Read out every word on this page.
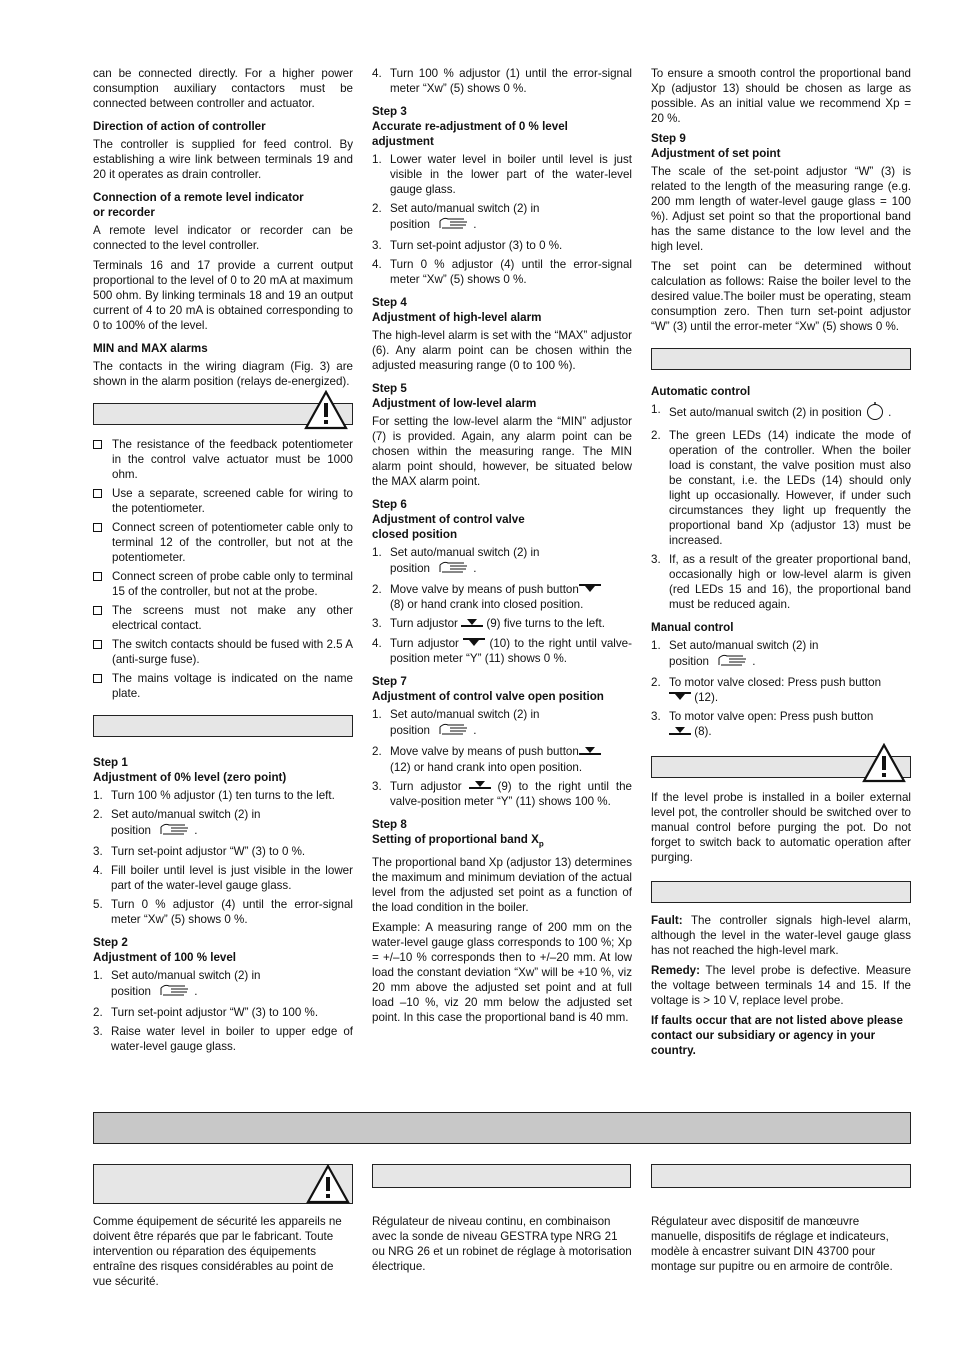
can be connected directly. For a higher power consumption auxiliary contactors must be connected between controller and actuator.

Direction of action of controller

The controller is supplied for feed control. By establishing a wire link between terminals 19 and 20 it operates as drain controller.

Connection of a remote level indicator
or recorder

A remote level indicator or recorder can be connected to the level controller.

Terminals 16 and 17 provide a current output proportional to the level of 0 to 20 mA at maximum 500 ohm. By linking terminals 18 and 19 an output current of 4 to 20 mA is obtained corresponding to 0 to 100% of the level.

MIN and MAX alarms

The contacts in the wiring diagram (Fig. 3) are shown in the alarm position (relays de-energized).

The resistance of the feedback potentiometer in the control valve actuator must be 1000 ohm.
Use a separate, screened cable for wiring to the potentiometer.
Connect screen of potentiometer cable only to terminal 12 of the controller, but not at the potentiometer.
Connect screen of probe cable only to terminal 15 of the controller, but not at the probe.
The screens must not make any other electrical contact.
The switch contacts should be fused with 2.5 A (anti-surge fuse).
The mains voltage is indicated on the name plate.
Step 1
Adjustment of 0% level (zero point)
1. Turn 100 % adjustor (1) ten turns to the left.
2. Set auto/manual switch (2) in
position	.
3. Turn set-point adjustor “W” (3) to 0 %.
4. Fill boiler until level is just visible in the lower part of the water-level gauge glass.
5. Turn 0 % adjustor (4) until the error-signal meter “Xw” (5) shows 0 %.
Step 2
Adjustment of 100 % level
1. Set auto/manual switch (2) in
position	.
2. Turn set-point adjustor “W” (3) to 100 %.
3. Raise water level in boiler to upper edge of water-level gauge glass.
4. Turn 100 % adjustor (1) until the error-signal meter “Xw” (5) shows 0 %.
Step 3
Accurate re-adjustment of 0 % level adjustment
1. Lower water level in boiler until level is just visible in the lower part of the water-level gauge glass.
2. Set auto/manual switch (2) in
position	.
3. Turn set-point adjustor (3) to 0 %.
4. Turn 0 % adjustor (4) until the error-signal meter “Xw” (5) shows 0 %.
Step 4
Adjustment of high-level alarm

The high-level alarm is set with the “MAX” adjustor (6). Any alarm point can be chosen within the adjusted measuring range (0 to 100 %).

Step 5
Adjustment of low-level alarm

For setting the low-level alarm the “MIN” adjustor (7) is provided. Again, any alarm point can be chosen within the measuring range. The MIN alarm point should, however, be situated below the MAX alarm point.

Step 6
Adjustment of control valve
closed position
1. Set auto/manual switch (2) in
position	.
2. Move valve by means of push button
(8) or hand crank into closed position.
3. Turn adjustor (9) five turns to the left.
4. Turn adjustor	(10) to the right until valve-position meter “Y” (11) shows 0 %.
Step 7
Adjustment of control valve open position
1. Set auto/manual switch (2) in
position	.
2. Move valve by means of push button
(12) or hand crank into open position.
3. Turn adjustor	(9) to the right until the valve-position meter “Y” (11) shows 100 %.
Step 8
Setting of proportional band $X_p$

The proportional band Xp (adjustor 13) determines the maximum and minimum deviation of the actual level from the adjusted set point as a function of the load condition in the boiler.

Example: A measuring range of 200 mm on the water-level gauge glass corresponds to 100 %; Xp = +/–10 % corresponds then to +/–20 mm. At low load the constant deviation “Xw” will be +10 %, viz 20 mm above the adjusted set point and at full load –10 %, viz 20 mm below the adjusted set point. In this case the proportional band is 40 mm.

To ensure a smooth control the proportional band Xp (adjustor 13) should be chosen as large as possible. As an initial value we recommend Xp = 20 %.

Step 9
Adjustment of set point

The scale of the set-point adjustor “W” (3) is related to the length of the measuring range (e.g. 200 mm length of water-level gauge glass = 100 %). Adjust set point so that the proportional band has the same distance to the low level and the high level.

The set point can be determined without calculation as follows: Raise the boiler level to the desired value.The boiler must be operating, steam consumption zero. Then turn set-point adjustor “W” (3) until the error-meter “Xw” (5) shows 0 %.

Automatic control
1. Set auto/manual switch (2) in position  .
2. The green LEDs (14) indicate the mode of operation of the controller. When the boiler load is constant, the valve position must also be constant, i.e. the LEDs (14) should only light up occasionally. However, if under such circumstances they light up frequently the proportional band Xp (adjustor 13) must be increased.
3. If, as a result of the greater proportional band, occasionally high or low-level alarm is given (red LEDs 15 and 16), the proportional band must be reduced again.
Manual control
1. Set auto/manual switch (2) in
position	.
2. To motor valve closed: Press push button
(12).
3. To motor valve open: Press push button
(8).

If the level probe is installed in a boiler external level pot, the controller should be switched over to manual control before purging the pot. Do not forget to switch back to automatic operation after purging.

Fault: The controller signals high-level alarm, although the level in the water-level gauge glass has not reached the high-level mark.

Remedy: The level probe is defective. Measure the voltage between terminals 14 and 15. If the voltage is > 10 V, replace level probe.

If faults occur that are not listed above please contact our subsidiary or agency in your country.

Comme équipement de sécurité les appareils ne doivent être réparés que par le fabricant. Toute intervention ou réparation des équipements entraîne des risques considérables au point de vue sécurité.

Régulateur de niveau continu, en combinaison avec la sonde de niveau GESTRA type NRG 21 ou NRG 26 et un robinet de réglage à motorisation électrique.

Régulateur avec dispositif de manœuvre manuelle, dispositifs de réglage et indicateurs, modèle à encastrer suivant DIN 43700 pour montage sur pupitre ou en armoire de contrôle.
